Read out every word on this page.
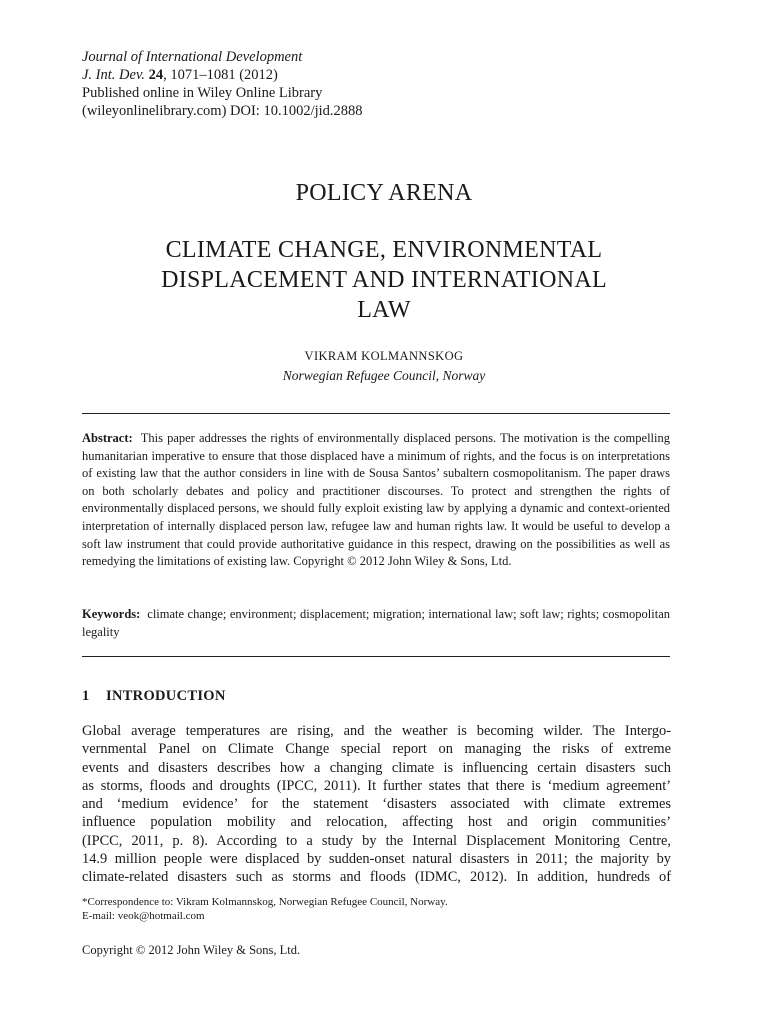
Journal of International Development
J. Int. Dev. 24, 1071–1081 (2012)
Published online in Wiley Online Library
(wileyonlinelibrary.com) DOI: 10.1002/jid.2888
POLICY ARENA
CLIMATE CHANGE, ENVIRONMENTAL
DISPLACEMENT AND INTERNATIONAL
LAW
VIKRAM KOLMANNSKOG
Norwegian Refugee Council, Norway
Abstract: This paper addresses the rights of environmentally displaced persons. The motivation is the compelling humanitarian imperative to ensure that those displaced have a minimum of rights, and the focus is on interpretations of existing law that the author considers in line with de Sousa Santos’ subaltern cosmopolitanism. The paper draws on both scholarly debates and policy and practitioner discourses. To protect and strengthen the rights of environmentally displaced persons, we should fully exploit existing law by applying a dynamic and context-oriented interpretation of internally displaced person law, refugee law and human rights law. It would be useful to develop a soft law instrument that could provide authoritative guidance in this respect, drawing on the possibilities as well as remedying the limitations of existing law. Copyright © 2012 John Wiley & Sons, Ltd.
Keywords: climate change; environment; displacement; migration; international law; soft law; rights; cosmopolitan legality
1 INTRODUCTION
Global average temperatures are rising, and the weather is becoming wilder. The Intergo-
vernmental Panel on Climate Change special report on managing the risks of extreme
events and disasters describes how a changing climate is influencing certain disasters such
as storms, floods and droughts (IPCC, 2011). It further states that there is ‘medium agreement’
and ‘medium evidence’ for the statement ‘disasters associated with climate extremes
influence population mobility and relocation, affecting host and origin communities’
(IPCC, 2011, p. 8). According to a study by the Internal Displacement Monitoring Centre,
14.9 million people were displaced by sudden-onset natural disasters in 2011; the majority by
climate-related disasters such as storms and floods (IDMC, 2012). In addition, hundreds of
*Correspondence to: Vikram Kolmannskog, Norwegian Refugee Council, Norway.
E-mail: veok@hotmail.com
Copyright © 2012 John Wiley & Sons, Ltd.
